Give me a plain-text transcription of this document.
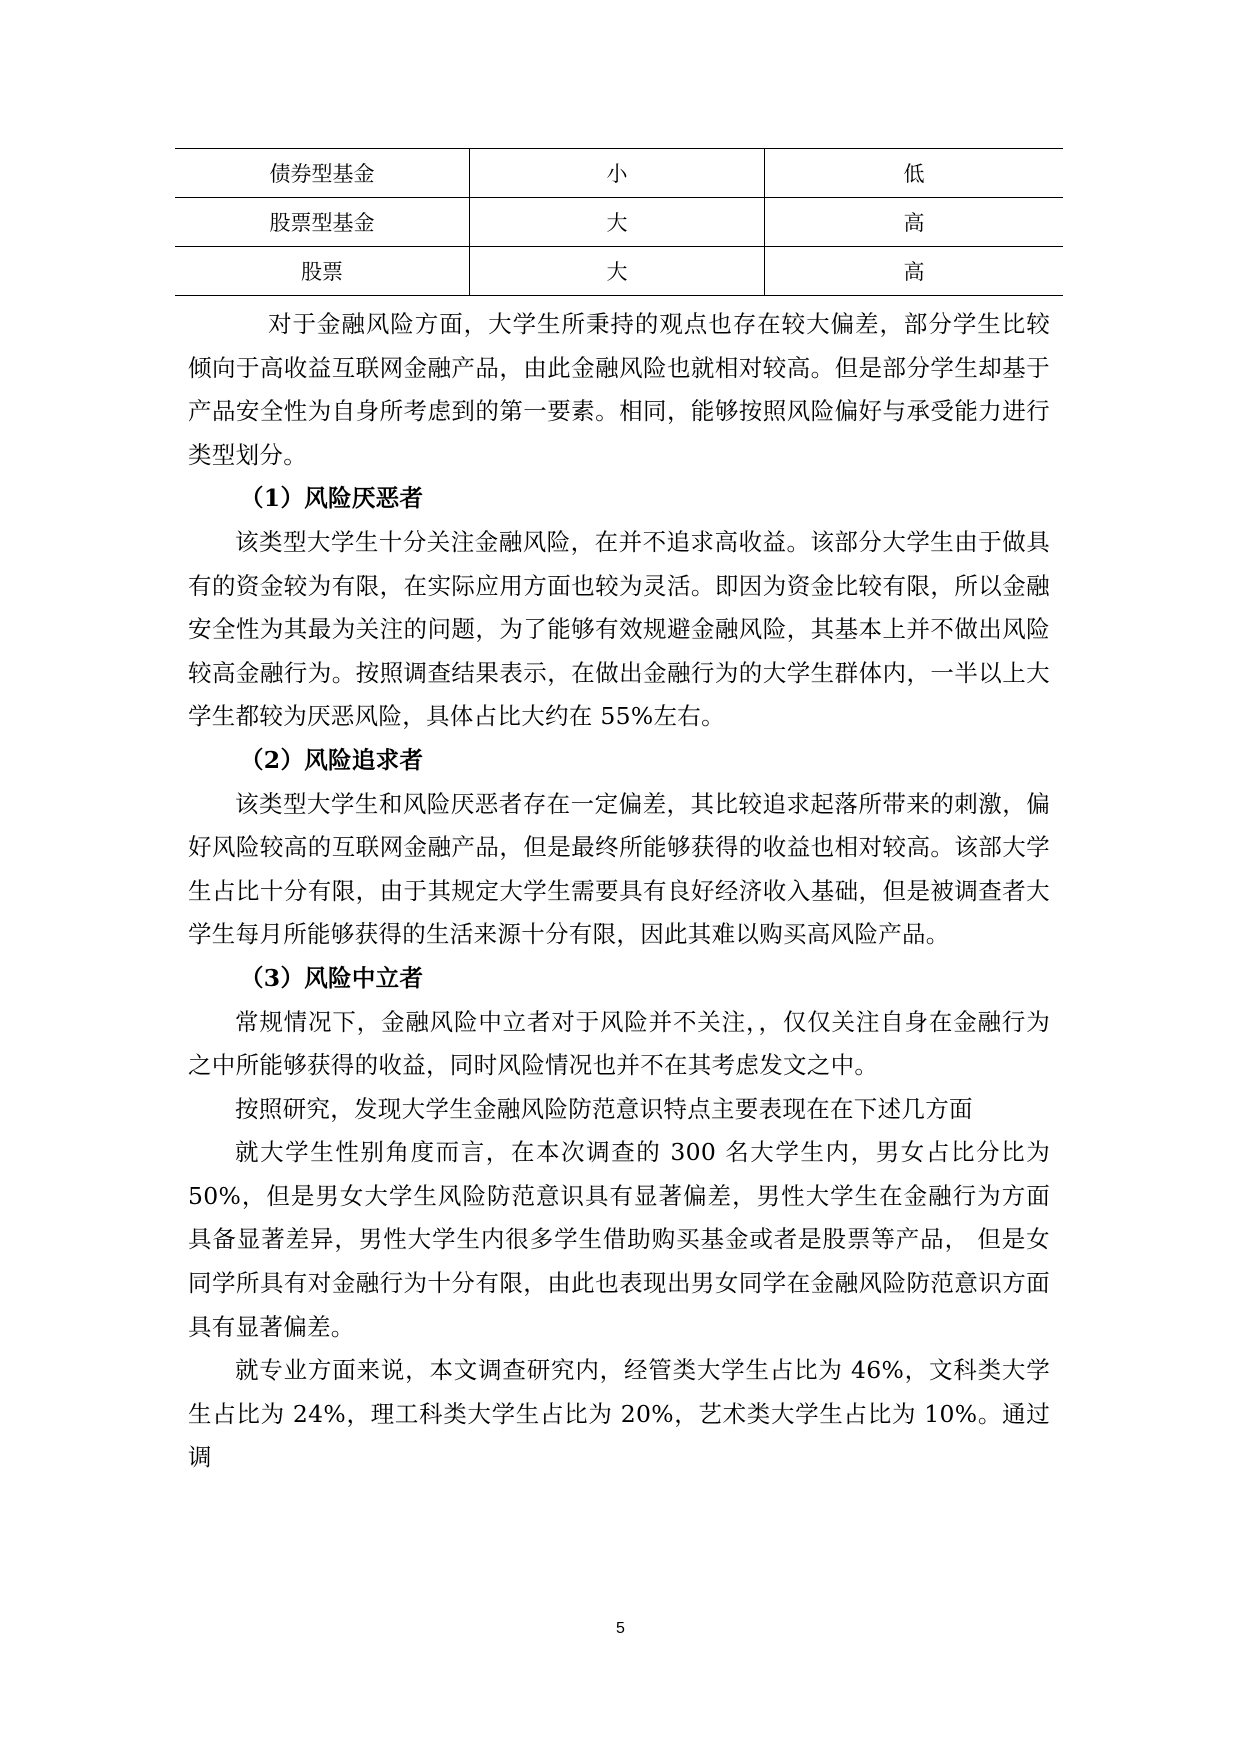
债券型基金	小	低
股票型基金	大	高
股票	大	高

对于金融风险方面，大学生所秉持的观点也存在较大偏差，部分学生比较倾向于高收益互联网金融产品，由此金融风险也就相对较高。但是部分学生却基于产品安全性为自身所考虑到的第一要素。相同，能够按照风险偏好与承受能力进行类型划分。

（1）风险厌恶者

该类型大学生十分关注金融风险，在并不追求高收益。该部分大学生由于做具有的资金较为有限，在实际应用方面也较为灵活。即因为资金比较有限，所以金融安全性为其最为关注的问题，为了能够有效规避金融风险，其基本上并不做出风险较高金融行为。按照调查结果表示，在做出金融行为的大学生群体内，一半以上大学生都较为厌恶风险，具体占比大约在 55%左右。

（2）风险追求者

该类型大学生和风险厌恶者存在一定偏差，其比较追求起落所带来的刺激，偏好风险较高的互联网金融产品，但是最终所能够获得的收益也相对较高。该部大学生占比十分有限，由于其规定大学生需要具有良好经济收入基础，但是被调查者大学生每月所能够获得的生活来源十分有限，因此其难以购买高风险产品。

（3）风险中立者

常规情况下，金融风险中立者对于风险并不关注，，仅仅关注自身在金融行为之中所能够获得的收益，同时风险情况也并不在其考虑发文之中。

按照研究，发现大学生金融风险防范意识特点主要表现在在下述几方面

就大学生性别角度而言，在本次调查的 300 名大学生内，男女占比分比为50%，但是男女大学生风险防范意识具有显著偏差，男性大学生在金融行为方面具备显著差异，男性大学生内很多学生借助购买基金或者是股票等产品， 但是女同学所具有对金融行为十分有限，由此也表现出男女同学在金融风险防范意识方面具有显著偏差。

就专业方面来说，本文调查研究内，经管类大学生占比为 46%，文科类大学生占比为 24%，理工科类大学生占比为 20%，艺术类大学生占比为 10%。通过调

5
